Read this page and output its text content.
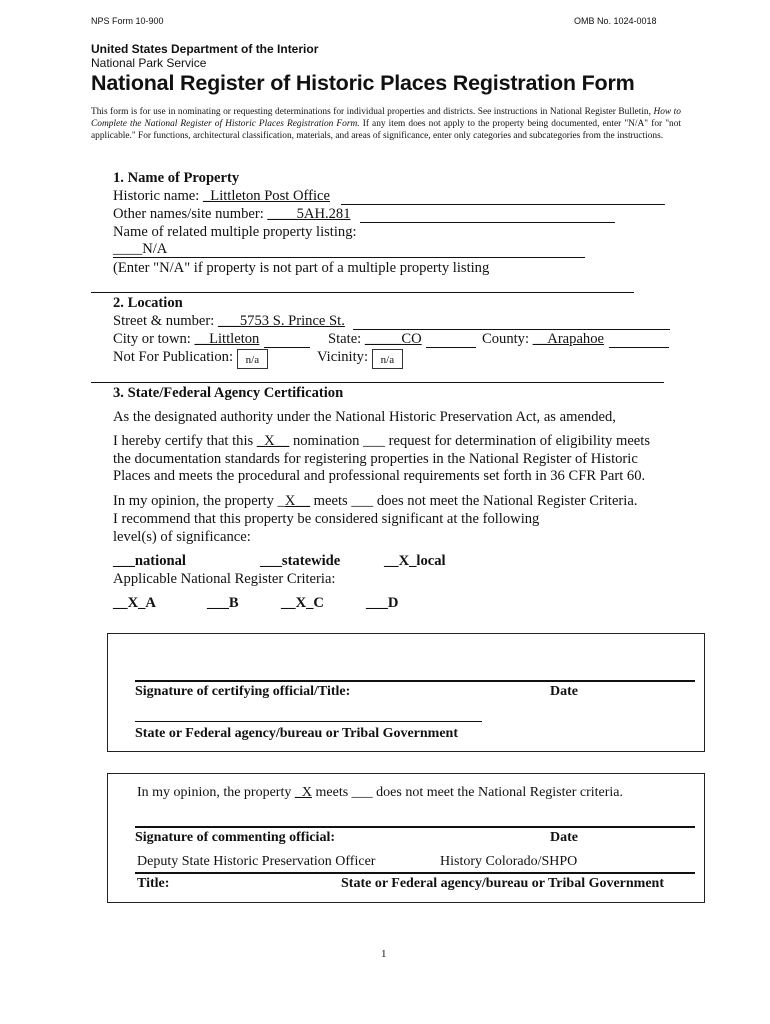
NPS Form 10-900	OMB No. 1024-0018
United States Department of the Interior
National Park Service
National Register of Historic Places Registration Form
This form is for use in nominating or requesting determinations for individual properties and districts. See instructions in National Register Bulletin, How to Complete the National Register of Historic Places Registration Form. If any item does not apply to the property being documented, enter "N/A" for "not applicable." For functions, architectural classification, materials, and areas of significance, enter only categories and subcategories from the instructions.
1. Name of Property
Historic name: _Littleton Post Office
Other names/site number: ____5AH.281
Name of related multiple property listing:
____N/A
(Enter "N/A" if property is not part of a multiple property listing
2. Location
Street & number: ___5753 S. Prince St.
City or town: __Littleton	State: _____CO	County: __Arapahoe
Not For Publication: n/a	Vicinity: n/a
3. State/Federal Agency Certification
As the designated authority under the National Historic Preservation Act, as amended,
I hereby certify that this _X__ nomination ___ request for determination of eligibility meets
the documentation standards for registering properties in the National Register of Historic
Places and meets the procedural and professional requirements set forth in 36 CFR Part 60.
In my opinion, the property _X__ meets ___ does not meet the National Register Criteria.
I recommend that this property be considered significant at the following
level(s) of significance:
___national	___statewide	__X_local
Applicable National Register Criteria:
__X_A	___B	__X_C	___D
Signature of certifying official/Title:	Date
State or Federal agency/bureau or Tribal Government
In my opinion, the property _X meets ___ does not meet the National Register criteria.
Signature of commenting official:	Date
Deputy State Historic Preservation Officer	History Colorado/SHPO
Title:	State or Federal agency/bureau or Tribal Government
1
